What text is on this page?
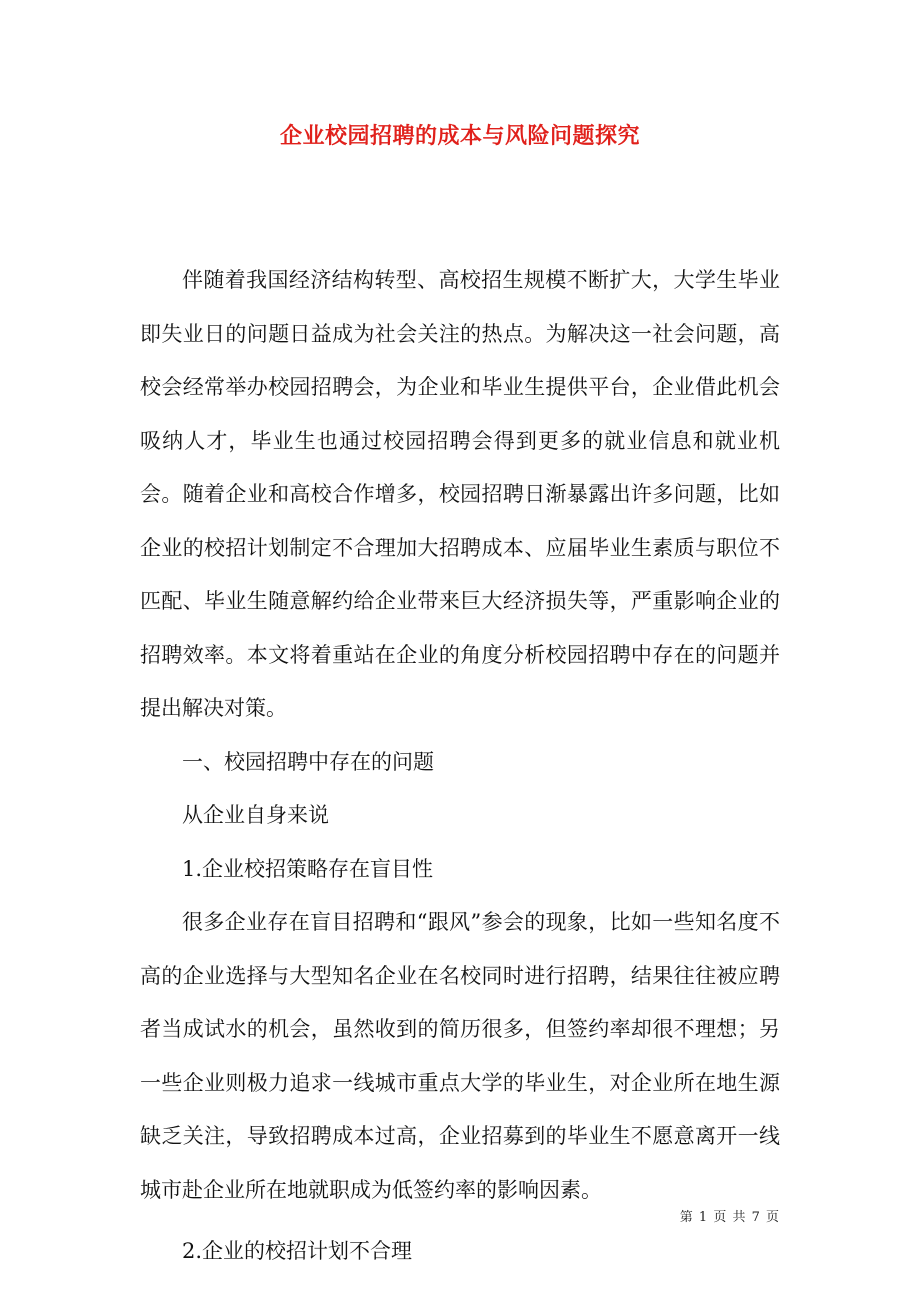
企业校园招聘的成本与风险问题探究

伴随着我国经济结构转型、高校招生规模不断扩大，大学生毕业即失业日的问题日益成为社会关注的热点。为解决这一社会问题，高校会经常举办校园招聘会，为企业和毕业生提供平台，企业借此机会吸纳人才，毕业生也通过校园招聘会得到更多的就业信息和就业机会。随着企业和高校合作增多，校园招聘日渐暴露出许多问题，比如企业的校招计划制定不合理加大招聘成本、应届毕业生素质与职位不匹配、毕业生随意解约给企业带来巨大经济损失等，严重影响企业的招聘效率。本文将着重站在企业的角度分析校园招聘中存在的问题并提出解决对策。

一、校园招聘中存在的问题

从企业自身来说

1.企业校招策略存在盲目性

很多企业存在盲目招聘和“跟风”参会的现象，比如一些知名度不高的企业选择与大型知名企业在名校同时进行招聘，结果往往被应聘者当成试水的机会，虽然收到的简历很多，但签约率却很不理想；另一些企业则极力追求一线城市重点大学的毕业生，对企业所在地生源缺乏关注，导致招聘成本过高，企业招募到的毕业生不愿意离开一线城市赴企业所在地就职成为低签约率的影响因素。

2.企业的校招计划不合理

第 1 页 共 7 页
